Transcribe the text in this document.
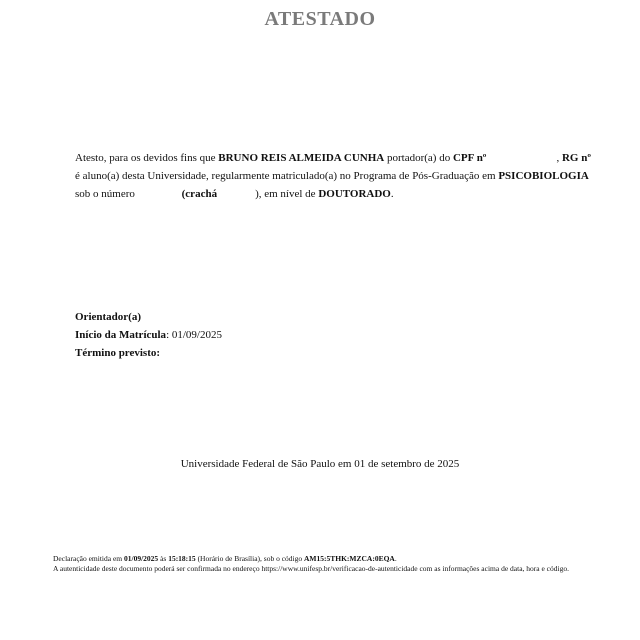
ATESTADO

Atesto, para os devidos fins que BRUNO REIS ALMEIDA CUNHA portador(a) do CPF nº	, RG nº

é aluno(a) desta Universidade, regularmente matriculado(a) no Programa de Pós-Graduação em PSICOBIOLOGIA

sob o número	(crachá	), em nível de DOUTORADO.

Orientador(a)
Início da Matrícula: 01/09/2025
Término previsto:
Universidade Federal de São Paulo em 01 de setembro de 2025
Declaração emitida em 01/09/2025 às 15:18:15 (Horário de Brasília), sob o código AM15:5THK:MZCA:0EQA.
A autenticidade deste documento poderá ser confirmada no endereço https://www.unifesp.br/verificacao-de-autenticidade com as informações acima de data, hora e código.
